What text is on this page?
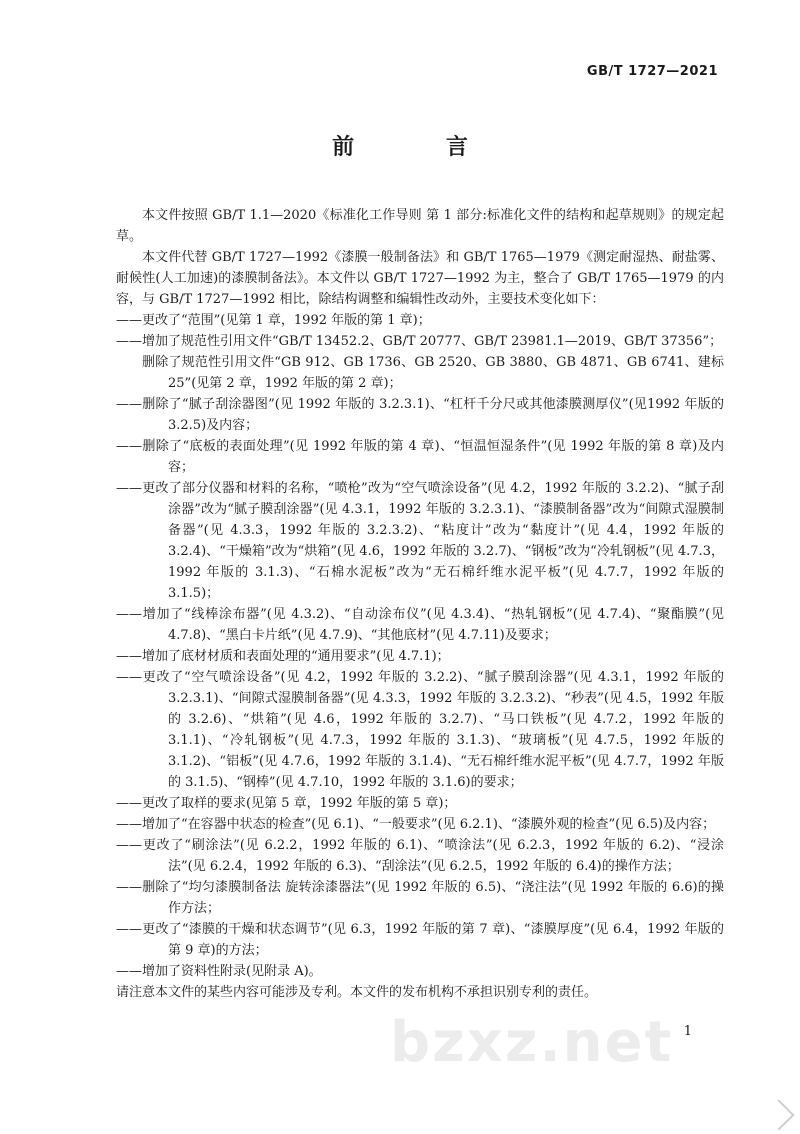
GB/T 1727—2021
前 言

本文件按照 GB/T 1.1—2020《标准化工作导则 第 1 部分:标准化文件的结构和起草规则》的规定起草。

本文件代替 GB/T 1727—1992《漆膜一般制备法》和 GB/T 1765—1979《测定耐湿热、耐盐雾、耐候性(人工加速)的漆膜制备法》。本文件以 GB/T 1727—1992 为主，整合了 GB/T 1765—1979 的内容，与 GB/T 1727—1992 相比，除结构调整和编辑性改动外，主要技术变化如下：

——更改了“范围”(见第 1 章，1992 年版的第 1 章)；

——增加了规范性引用文件“GB/T 13452.2、GB/T 20777、GB/T 23981.1—2019、GB/T 37356”；

删除了规范性引用文件“GB 912、GB 1736、GB 2520、GB 3880、GB 4871、GB 6741、建标 25”(见第 2 章，1992 年版的第 2 章)；

——删除了“腻子刮涂器图”(见 1992 年版的 3.2.3.1)、“杠杆千分尺或其他漆膜测厚仪”(见1992 年版的 3.2.5)及内容；

——删除了“底板的表面处理”(见 1992 年版的第 4 章)、“恒温恒湿条件”(见 1992 年版的第 8 章)及内容；

——更改了部分仪器和材料的名称，“喷枪”改为“空气喷涂设备”(见 4.2，1992 年版的 3.2.2)、“腻子刮涂器”改为“腻子膜刮涂器”(见 4.3.1，1992 年版的 3.2.3.1)、“漆膜制备器”改为“间隙式湿膜制备器”(见 4.3.3，1992 年版的 3.2.3.2)、“粘度计”改为“黏度计”(见 4.4，1992 年版的 3.2.4)、“干燥箱”改为“烘箱”(见 4.6，1992 年版的 3.2.7)、“钢板”改为“冷轧钢板”(见 4.7.3，1992 年版的 3.1.3)、“石棉水泥板”改为“无石棉纤维水泥平板”(见 4.7.7，1992 年版的3.1.5)；

——增加了“线棒涂布器”(见 4.3.2)、“自动涂布仪”(见 4.3.4)、“热轧钢板”(见 4.7.4)、“聚酯膜”(见 4.7.8)、“黑白卡片纸”(见 4.7.9)、“其他底材”(见 4.7.11)及要求；

——增加了底材材质和表面处理的“通用要求”(见 4.7.1)；

——更改了“空气喷涂设备”(见 4.2，1992 年版的 3.2.2)、“腻子膜刮涂器”(见 4.3.1，1992 年版的 3.2.3.1)、“间隙式湿膜制备器”(见 4.3.3，1992 年版的 3.2.3.2)、“秒表”(见 4.5，1992 年版的 3.2.6)、“烘箱”(见 4.6，1992 年版的 3.2.7)、“马口铁板”(见 4.7.2，1992 年版的 3.1.1)、“冷轧钢板”(见 4.7.3，1992 年版的 3.1.3)、“玻璃板”(见 4.7.5，1992 年版的 3.1.2)、“铝板”(见 4.7.6，1992 年版的 3.1.4)、“无石棉纤维水泥平板”(见 4.7.7，1992 年版的 3.1.5)、“钢棒”(见 4.7.10，1992 年版的 3.1.6)的要求；

——更改了取样的要求(见第 5 章，1992 年版的第 5 章)；

——增加了“在容器中状态的检查”(见 6.1)、“一般要求”(见 6.2.1)、“漆膜外观的检查”(见 6.5)及内容；

——更改了“刷涂法”(见 6.2.2，1992 年版的 6.1)、“喷涂法”(见 6.2.3，1992 年版的 6.2)、“浸涂法”(见 6.2.4，1992 年版的 6.3)、“刮涂法”(见 6.2.5，1992 年版的 6.4)的操作方法；

——删除了“均匀漆膜制备法 旋转涂漆器法”(见 1992 年版的 6.5)、“浇注法”(见 1992 年版的 6.6)的操作方法；

——更改了“漆膜的干燥和状态调节”(见 6.3，1992 年版的第 7 章)、“漆膜厚度”(见 6.4，1992 年版的第 9 章)的方法；

——增加了资料性附录(见附录 A)。

请注意本文件的某些内容可能涉及专利。本文件的发布机构不承担识别专利的责任。

1
bzxz.net
